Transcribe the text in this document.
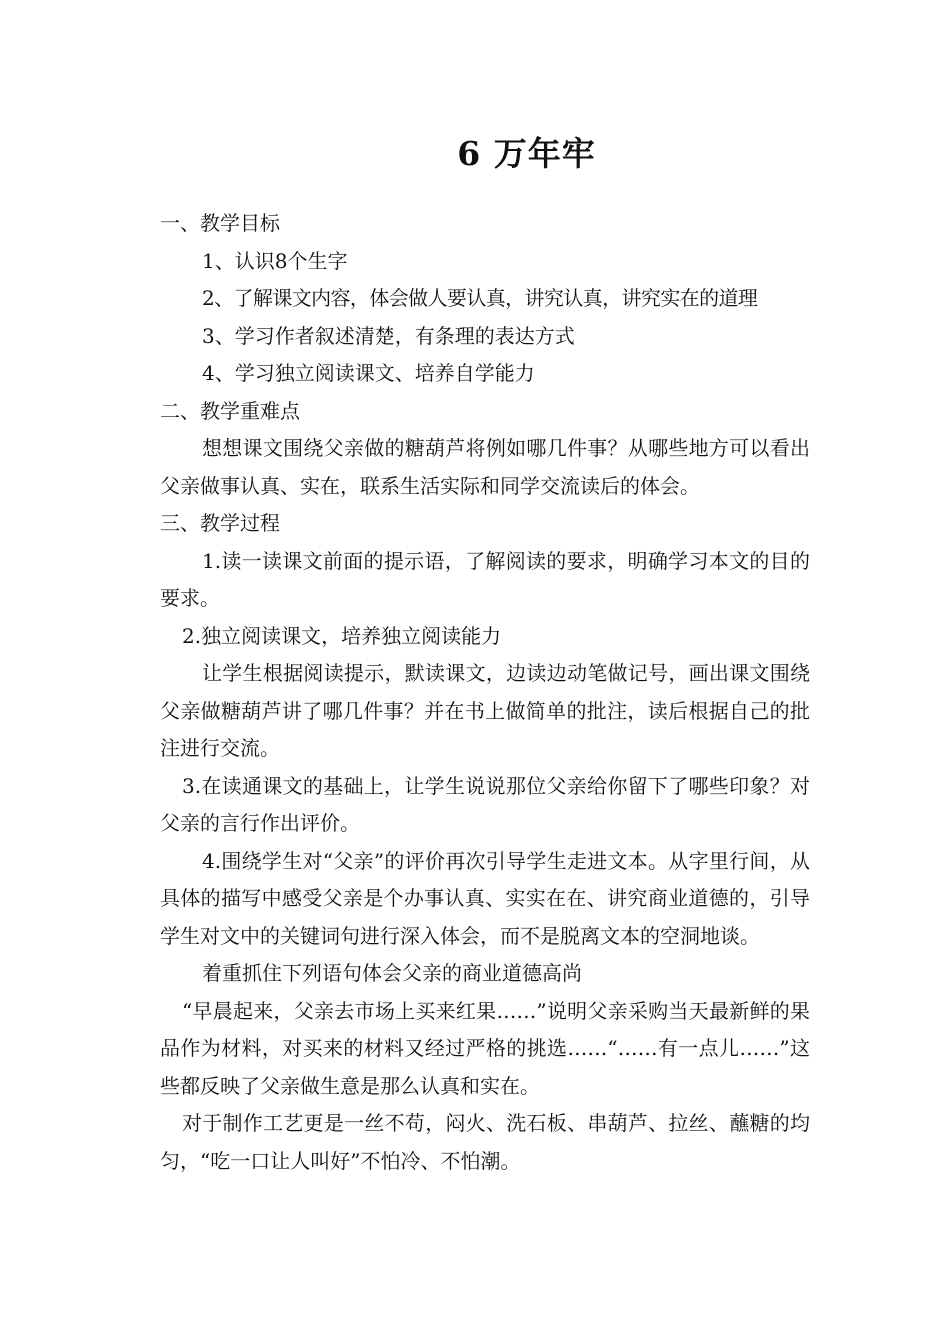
6 万年牢

一、教学目标

1、认识8个生字

2、了解课文内容，体会做人要认真，讲究认真，讲究实在的道理

3、学习作者叙述清楚，有条理的表达方式

4、学习独立阅读课文、培养自学能力

二、教学重难点

想想课文围绕父亲做的糖葫芦将例如哪几件事？从哪些地方可以看出父亲做事认真、实在，联系生活实际和同学交流读后的体会。

三、教学过程

1.读一读课文前面的提示语，了解阅读的要求，明确学习本文的目的要求。

2.独立阅读课文，培养独立阅读能力

让学生根据阅读提示，默读课文，边读边动笔做记号，画出课文围绕父亲做糖葫芦讲了哪几件事？并在书上做简单的批注，读后根据自己的批注进行交流。

3.在读通课文的基础上，让学生说说那位父亲给你留下了哪些印象？对父亲的言行作出评价。

4.围绕学生对“父亲”的评价再次引导学生走进文本。从字里行间，从具体的描写中感受父亲是个办事认真、实实在在、讲究商业道德的，引导学生对文中的关键词句进行深入体会，而不是脱离文本的空洞地谈。

着重抓住下列语句体会父亲的商业道德高尚

“早晨起来，父亲去市场上买来红果……”说明父亲采购当天最新鲜的果品作为材料，对买来的材料又经过严格的挑选……“……有一点儿……”这些都反映了父亲做生意是那么认真和实在。

对于制作工艺更是一丝不苟，闷火、洗石板、串葫芦、拉丝、蘸糖的均匀，“吃一口让人叫好”不怕冷、不怕潮。
